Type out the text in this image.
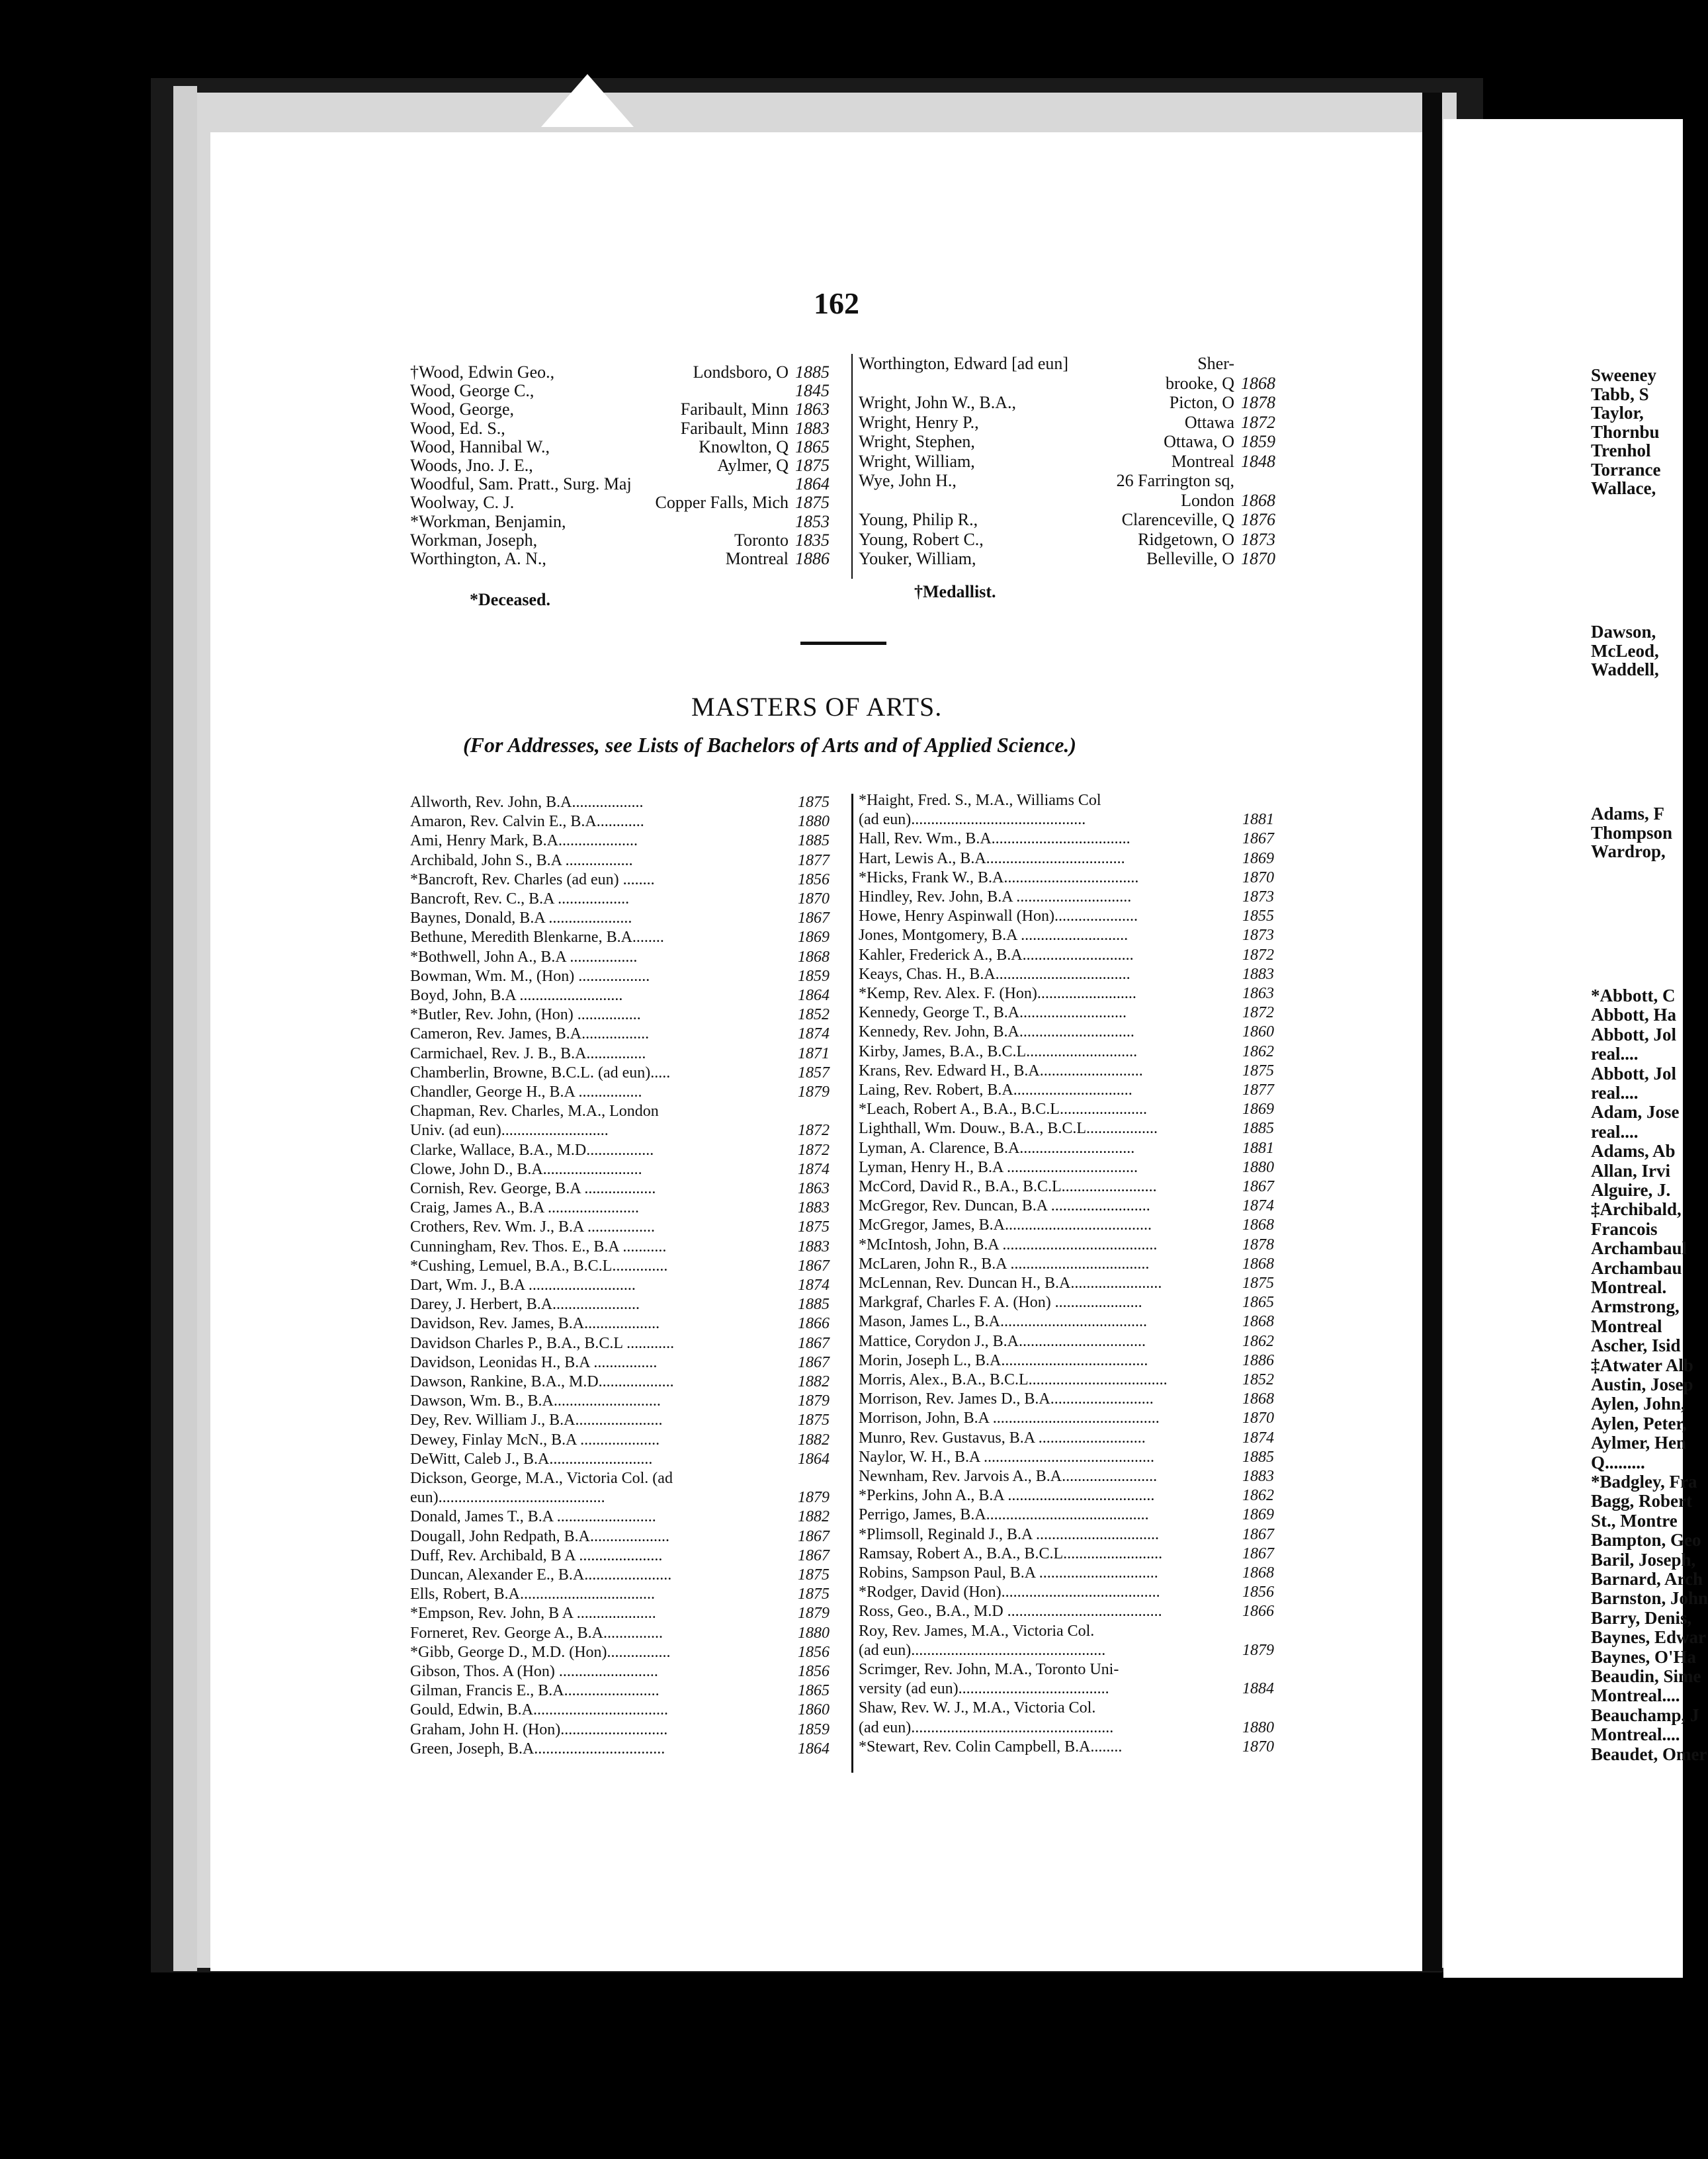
162
†Wood, Edwin Geo.,	Londsboro, O 1885
Wood, George C.,	1845
Wood, George,	Faribault, Minn 1863
Wood, Ed. S.,	Faribault, Minn 1883
Wood, Hannibal W.,	Knowlton, Q 1865
Woods, Jno. J. E.,	Aylmer, Q 1875
Woodful, Sam. Pratt., Surg. Maj	1864
Woolway, C. J.	Copper Falls, Mich 1875
*Workman, Benjamin,	1853
Workman, Joseph,	Toronto 1835
Worthington, A. N.,	Montreal 1886
Worthington, Edward [ad eun]	Sher-
brooke, Q 1868
Wright, John W., B.A.,	Picton, O 1878
Wright, Henry P.,	Ottawa 1872
Wright, Stephen,	Ottawa, O 1859
Wright, William,	Montreal 1848
Wye, John H.,	26 Farrington sq,
London 1868
Young, Philip R.,	Clarenceville, Q 1876
Young, Robert C.,	Ridgetown, O 1873
Youker, William,	Belleville, O 1870
*Deceased.	†Medallist.
MASTERS OF ARTS.
(For Addresses, see Lists of Bachelors of Arts and of Applied Science.)
Allworth, Rev. John, B.A..................	1875
Amaron, Rev. Calvin E., B.A............	1880
Ami, Henry Mark, B.A....................	1885
Archibald, John S., B.A .................	1877
*Bancroft, Rev. Charles (ad eun) ........	1856
Bancroft, Rev. C., B.A ..................	1870
Baynes, Donald, B.A .....................	1867
Bethune, Meredith Blenkarne, B.A........	1869
*Bothwell, John A., B.A .................	1868
Bowman, Wm. M., (Hon) ..................	1859
Boyd, John, B.A ..........................	1864
*Butler, Rev. John, (Hon) ................	1852
Cameron, Rev. James, B.A.................	1874
Carmichael, Rev. J. B., B.A...............	1871
Chamberlin, Browne, B.C.L. (ad eun).....	1857
Chandler, George H., B.A ................	1879
Chapman, Rev. Charles, M.A., London
Univ. (ad eun)...........................	1872
Clarke, Wallace, B.A., M.D.................	1872
Clowe, John D., B.A.........................	1874
Cornish, Rev. George, B.A ..................	1863
Craig, James A., B.A .......................	1883
Crothers, Rev. Wm. J., B.A .................	1875
Cunningham, Rev. Thos. E., B.A ...........	1883
*Cushing, Lemuel, B.A., B.C.L..............	1867
Dart, Wm. J., B.A ...........................	1874
Darey, J. Herbert, B.A......................	1885
Davidson, Rev. James, B.A...................	1866
Davidson Charles P., B.A., B.C.L ............	1867
Davidson, Leonidas H., B.A ................	1867
Dawson, Rankine, B.A., M.D...................	1882
Dawson, Wm. B., B.A...........................	1879
Dey, Rev. William J., B.A......................	1875
Dewey, Finlay McN., B.A ....................	1882
DeWitt, Caleb J., B.A..........................	1864
Dickson, George, M.A., Victoria Col. (ad
eun)..........................................	1879
Donald, James T., B.A .........................	1882
Dougall, John Redpath, B.A....................	1867
Duff, Rev. Archibald, B A .....................	1867
Duncan, Alexander E., B.A......................	1875
Ells, Robert, B.A..................................	1875
*Empson, Rev. John, B A ....................	1879
Forneret, Rev. George A., B.A...............	1880
*Gibb, George D., M.D. (Hon)................	1856
Gibson, Thos. A (Hon) .........................	1856
Gilman, Francis E., B.A........................	1865
Gould, Edwin, B.A..................................	1860
Graham, John H. (Hon)...........................	1859
Green, Joseph, B.A.................................	1864
*Haight, Fred. S., M.A., Williams Col
(ad eun)............................................	1881
Hall, Rev. Wm., B.A...................................	1867
Hart, Lewis A., B.A...................................	1869
*Hicks, Frank W., B.A..................................	1870
Hindley, Rev. John, B.A .............................	1873
Howe, Henry Aspinwall (Hon).....................	1855
Jones, Montgomery, B.A ...........................	1873
Kahler, Frederick A., B.A............................	1872
Keays, Chas. H., B.A..................................	1883
*Kemp, Rev. Alex. F. (Hon).........................	1863
Kennedy, George T., B.A...........................	1872
Kennedy, Rev. John, B.A.............................	1860
Kirby, James, B.A., B.C.L............................	1862
Krans, Rev. Edward H., B.A..........................	1875
Laing, Rev. Robert, B.A..............................	1877
*Leach, Robert A., B.A., B.C.L......................	1869
Lighthall, Wm. Douw., B.A., B.C.L..................	1885
Lyman, A. Clarence, B.A.............................	1881
Lyman, Henry H., B.A .................................	1880
McCord, David R., B.A., B.C.L........................	1867
McGregor, Rev. Duncan, B.A .........................	1874
McGregor, James, B.A.....................................	1868
*McIntosh, John, B.A .......................................	1878
McLaren, John R., B.A ...................................	1868
McLennan, Rev. Duncan H., B.A.......................	1875
Markgraf, Charles F. A. (Hon) ......................	1865
Mason, James L., B.A.....................................	1868
Mattice, Corydon J., B.A................................	1862
Morin, Joseph L., B.A.....................................	1886
Morris, Alex., B.A., B.C.L...................................	1852
Morrison, Rev. James D., B.A..........................	1868
Morrison, John, B.A ..........................................	1870
Munro, Rev. Gustavus, B.A ...........................	1874
Naylor, W. H., B.A ...........................................	1885
Newnham, Rev. Jarvois A., B.A........................	1883
*Perkins, John A., B.A .....................................	1862
Perrigo, James, B.A.........................................	1869
*Plimsoll, Reginald J., B.A ...............................	1867
Ramsay, Robert A., B.A., B.C.L.........................	1867
Robins, Sampson Paul, B.A ..............................	1868
*Rodger, David (Hon)........................................	1856
Ross, Geo., B.A., M.D .......................................	1866
Roy, Rev. James, M.A., Victoria Col.
(ad eun).................................................	1879
Scrimger, Rev. John, M.A., Toronto Uni-
versity (ad eun)......................................	1884
Shaw, Rev. W. J., M.A., Victoria Col.
(ad eun)...................................................	1880
*Stewart, Rev. Colin Campbell, B.A........	1870
Sweeney
Tabb, S
Taylor,
Thornbu
Trenhol
Torrance
Wallace,
Dawson,
McLeod,
Waddell,
Adams, F
Thompson
Wardrop,
*Abbott, C
Abbott, Ha
Abbott, Jol
real....
Abbott, Jol
real....
Adam, Jose
real....
Adams, Ab
Allan, Irvi
Alguire, J.
‡Archibald,
Francois
Archambaul
Archambau
Montreal.
Armstrong,
Montreal
Ascher, Isid
‡Atwater Alb
Austin, Josep
Aylen, John,
Aylen, Peter,
Aylmer, Hen
Q.........
*Badgley, Fra
Bagg, Robert
St., Montre
Bampton, Geo
Baril, Joseph,
Barnard, Arch
Barnston, John
Barry, Denis,
Baynes, Edwar
Baynes, O'Ha
Beaudin, Sime
Montreal....
Beauchamp, J
Montreal....
Beaudet, Omer
